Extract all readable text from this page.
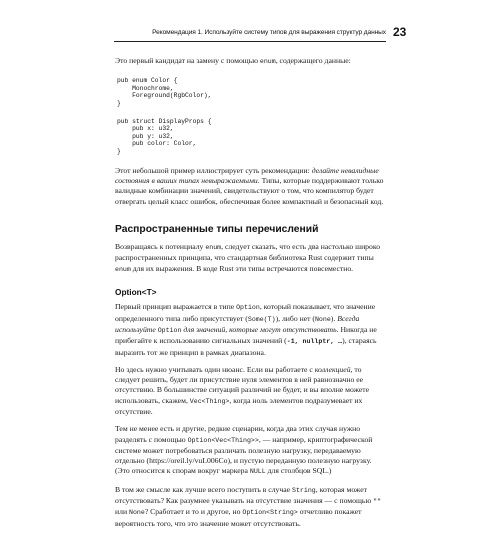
Рекомендация 1. Используйте систему типов для выражения структур данных 23

Это первый кандидат на замену с помощью enum, содержащего данные:

pub enum Color {
Monochrome,
Foreground(RgbColor),
}
pub struct DisplayProps {
pub x: u32,
pub y: u32,
pub color: Color,
}

Этот небольшой пример иллюстрирует суть рекомендации: делайте невалидные состояния в ваших типах невыражаемыми. Типы, которые поддерживают только валидные комбинации значений, свидетельствуют о том, что компилятор будет отвергать целый класс ошибок, обеспечивая более компактный и безопасный код.

Распространенные типы перечислений

Возвращаясь к потенциалу enum, следует сказать, что есть два настолько широко распространенных принципа, что стандартная библиотека Rust содержит типы enum для их выражения. В коде Rust эти типы встречаются повсеместно.

Option<T>

Первый принцип выражается в типе Option, который показывает, что значение определенного типа либо присутствует (Some(T)), либо нет (None). Всегда используйте Option для значений, которые могут отсутствовать. Никогда не прибегайте к использованию сигнальных значений (-1, nullptr, …), стараясь выразить тот же принцип в рамках диапазона.

Но здесь нужно учитывать один нюанс. Если вы работаете с коллекцией, то следует решить, будет ли присутствие нуля элементов в ней равнозначно ее отсутствию. В большинстве ситуаций различий не будет, и вы вполне можете использовать, скажем, Vec<Thing>, когда ноль элементов подразумевает их отсутствие.

Тем не менее есть и другие, редкие сценарии, когда два этих случая нужно разделять с помощью Option<Vec<Thing>>, — например, криптографической системе может потребоваться различать полезную нагрузку, передаваемую отдельно (https://oreil.ly/vuL006Co), и пустую переданную полезную нагрузку. (Это относится к спорам вокруг маркера NULL для столбцов SQL.)

В том же смысле как лучше всего поступить в случае String, которая может отсутствовать? Как разумнее указывать на отсутствие значения — с помощью "" или None? Сработает и то и другое, но Option<String> отчетливо покажет вероятность того, что это значение может отсутствовать.
